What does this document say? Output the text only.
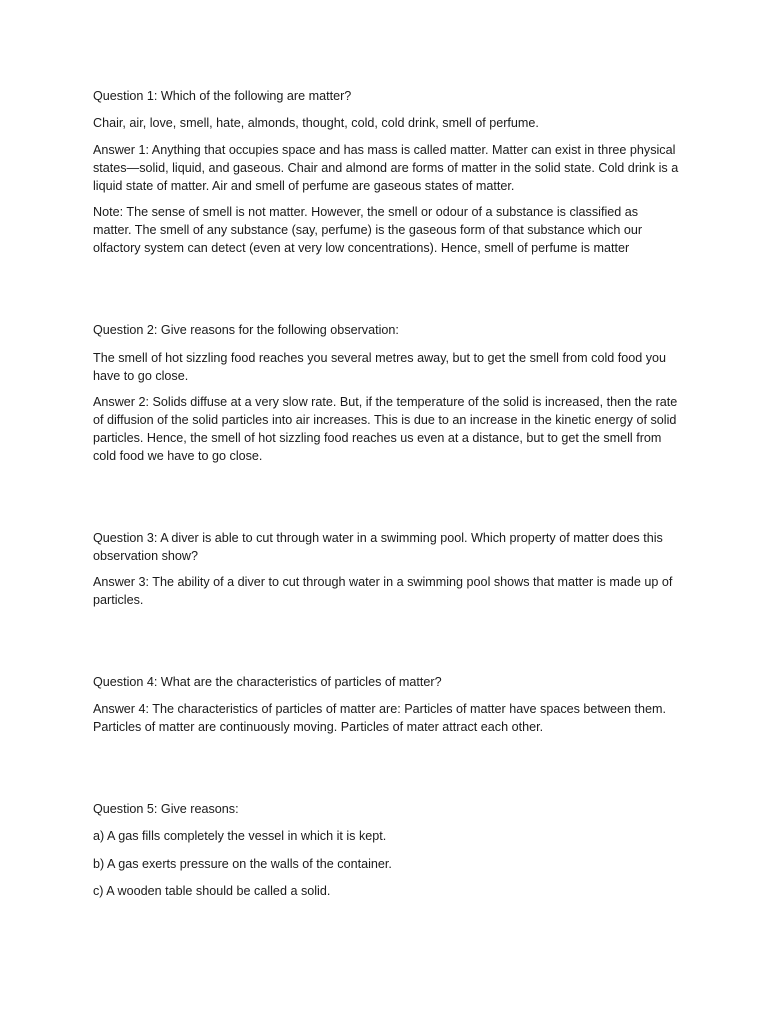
Question 1: Which of the following are matter?

Chair, air, love, smell, hate, almonds, thought, cold, cold drink, smell of perfume.

Answer 1: Anything that occupies space and has mass is called matter. Matter can exist in three physical states—solid, liquid, and gaseous. Chair and almond are forms of matter in the solid state. Cold drink is a liquid state of matter. Air and smell of perfume are gaseous states of matter.

Note: The sense of smell is not matter. However, the smell or odour of a substance is classified as matter. The smell of any substance (say, perfume) is the gaseous form of that substance which our olfactory system can detect (even at very low concentrations). Hence, smell of perfume is matter

Question 2: Give reasons for the following observation:

The smell of hot sizzling food reaches you several metres away, but to get the smell from cold food you have to go close.

Answer 2: Solids diffuse at a very slow rate. But, if the temperature of the solid is increased, then the rate of diffusion of the solid particles into air increases. This is due to an increase in the kinetic energy of solid particles. Hence, the smell of hot sizzling food reaches us even at a distance, but to get the smell from cold food we have to go close.

Question 3: A diver is able to cut through water in a swimming pool. Which property of matter does this observation show?

Answer 3: The ability of a diver to cut through water in a swimming pool shows that matter is made up of particles.

Question 4: What are the characteristics of particles of matter?

Answer 4: The characteristics of particles of matter are: Particles of matter have spaces between them. Particles of matter are continuously moving. Particles of mater attract each other.

Question 5: Give reasons:

a) A gas fills completely the vessel in which it is kept.

b) A gas exerts pressure on the walls of the container.

c) A wooden table should be called a solid.
